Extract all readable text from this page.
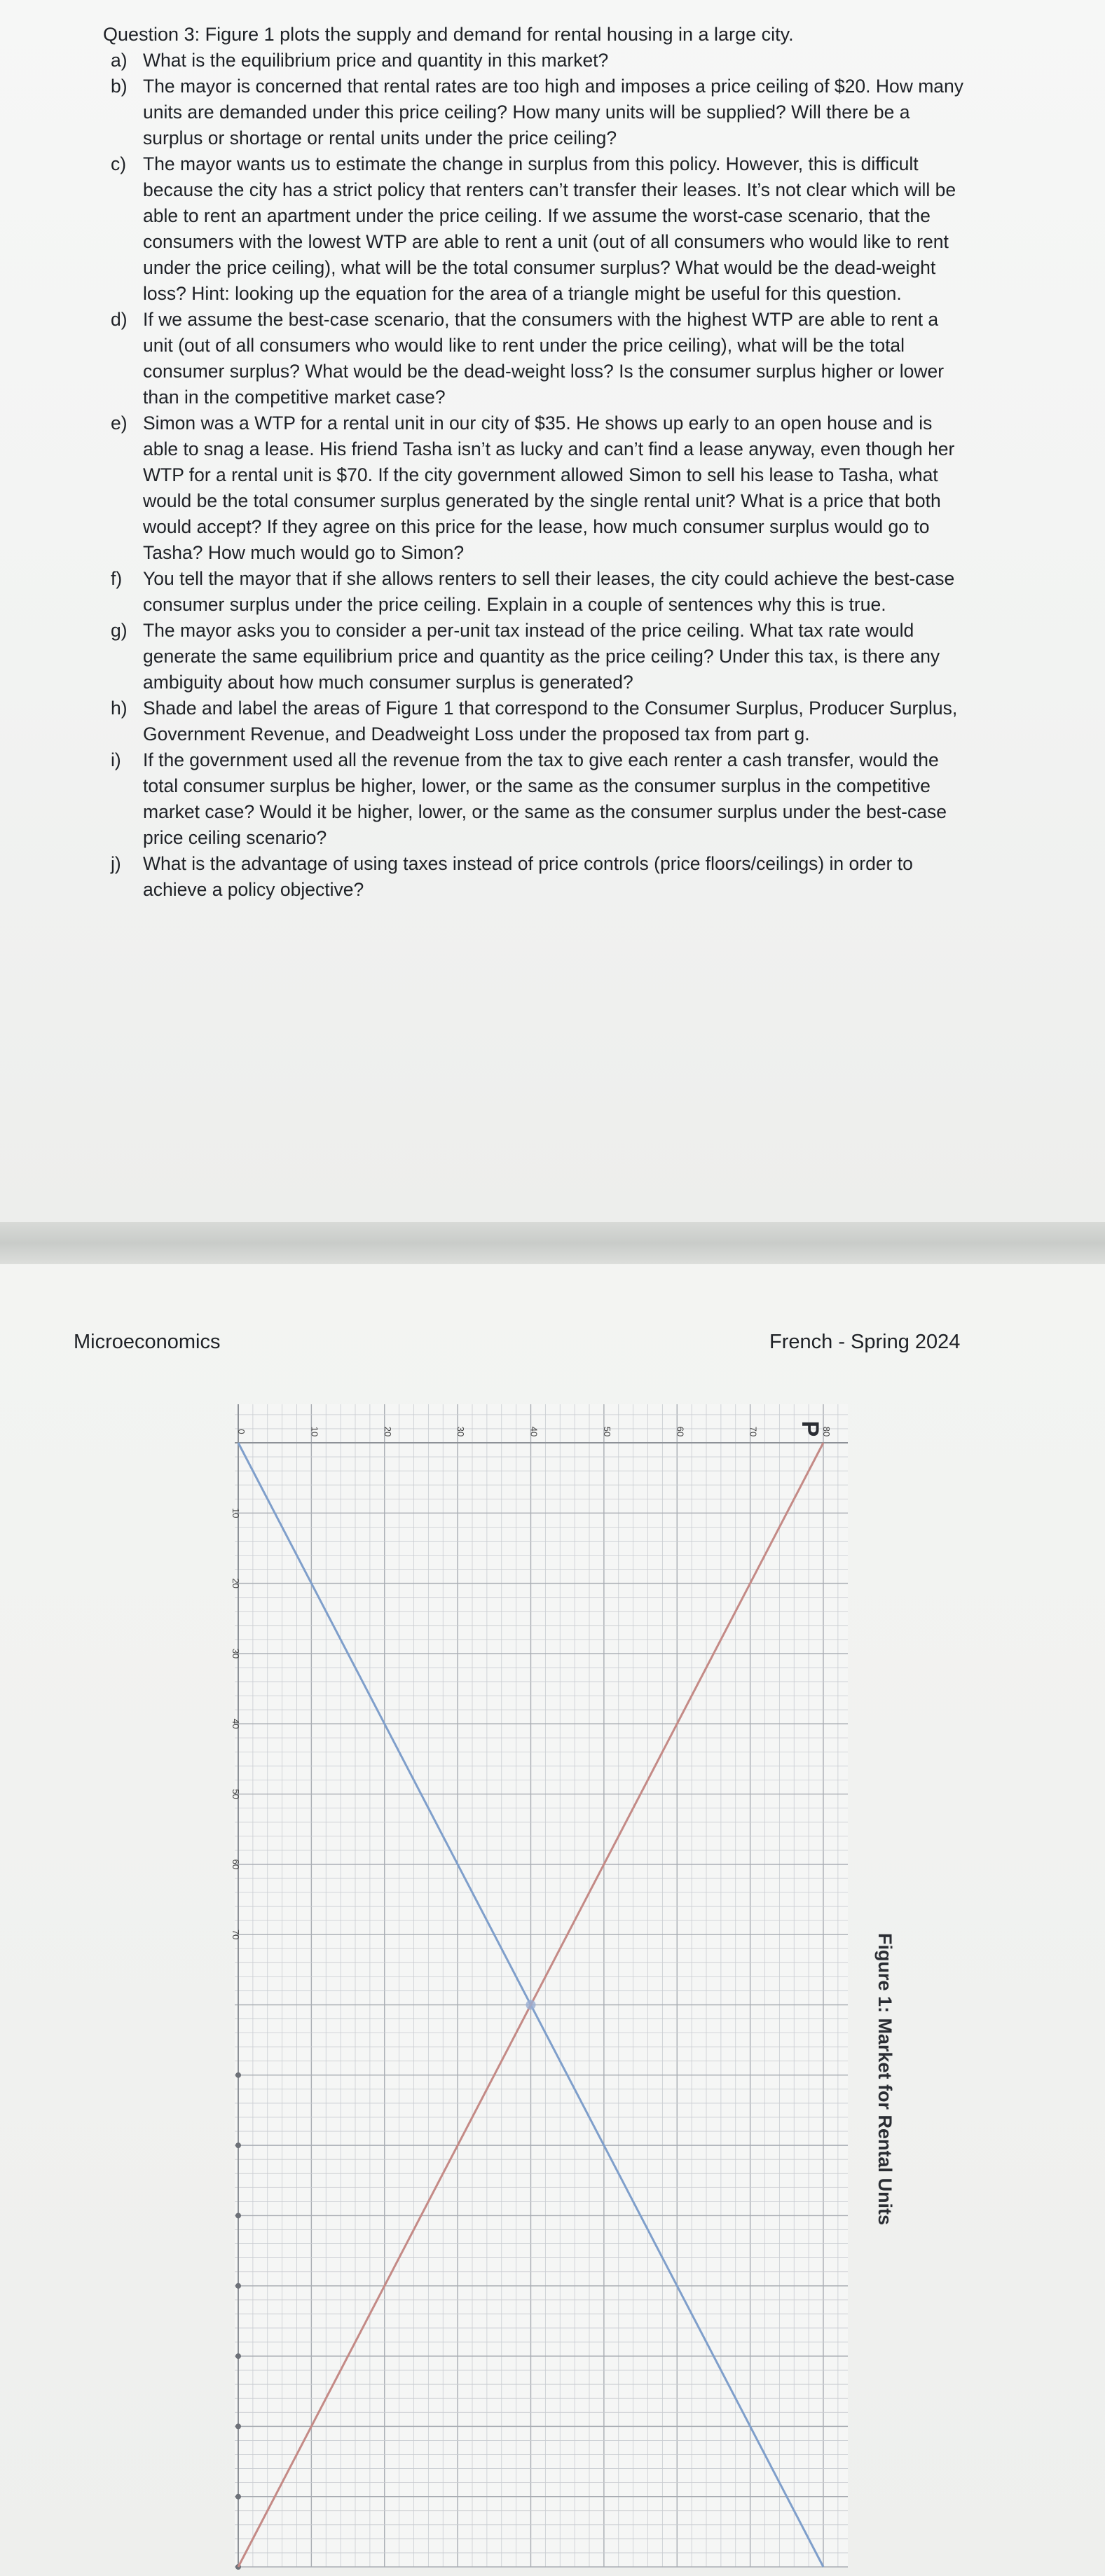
Question 3: Figure 1 plots the supply and demand for rental housing in a large city.

a) What is the equilibrium price and quantity in this market?
b) The mayor is concerned that rental rates are too high and imposes a price ceiling of $20. How many units are demanded under this price ceiling? How many units will be supplied? Will there be a surplus or shortage or rental units under the price ceiling?
c) The mayor wants us to estimate the change in surplus from this policy. However, this is difficult because the city has a strict policy that renters can’t transfer their leases. It’s not clear which will be able to rent an apartment under the price ceiling. If we assume the worst-case scenario, that the consumers with the lowest WTP are able to rent a unit (out of all consumers who would like to rent under the price ceiling), what will be the total consumer surplus? What would be the dead-weight loss? Hint: looking up the equation for the area of a triangle might be useful for this question.
d) If we assume the best-case scenario, that the consumers with the highest WTP are able to rent a unit (out of all consumers who would like to rent under the price ceiling), what will be the total consumer surplus? What would be the dead-weight loss? Is the consumer surplus higher or lower than in the competitive market case?
e) Simon was a WTP for a rental unit in our city of $35. He shows up early to an open house and is able to snag a lease. His friend Tasha isn’t as lucky and can’t find a lease anyway, even though her WTP for a rental unit is $70. If the city government allowed Simon to sell his lease to Tasha, what would be the total consumer surplus generated by the single rental unit? What is a price that both would accept? If they agree on this price for the lease, how much consumer surplus would go to Tasha? How much would go to Simon?
f)	You tell the mayor that if she allows renters to sell their leases, the city could achieve the best-case consumer surplus under the price ceiling. Explain in a couple of sentences why this is true.
g) The mayor asks you to consider a per-unit tax instead of the price ceiling. What tax rate would generate the same equilibrium price and quantity as the price ceiling? Under this tax, is there any ambiguity about how much consumer surplus is generated?
h) Shade and label the areas of Figure 1 that correspond to the Consumer Surplus, Producer Surplus, Government Revenue, and Deadweight Loss under the proposed tax from part g.
i)	If the government used all the revenue from the tax to give each renter a cash transfer, would the total consumer surplus be higher, lower, or the same as the consumer surplus in the competitive market case? Would it be higher, lower, or the same as the consumer surplus under the best-case price ceiling scenario?
j)	What is the advantage of using taxes instead of price controls (price floors/ceilings) in order to achieve a policy objective?
Microeconomics	French - Spring 2024
0	10	20	30	40	50	60	70	80
10
20
30
40
50
60
70
P
Figure 1: Market for Rental Units
